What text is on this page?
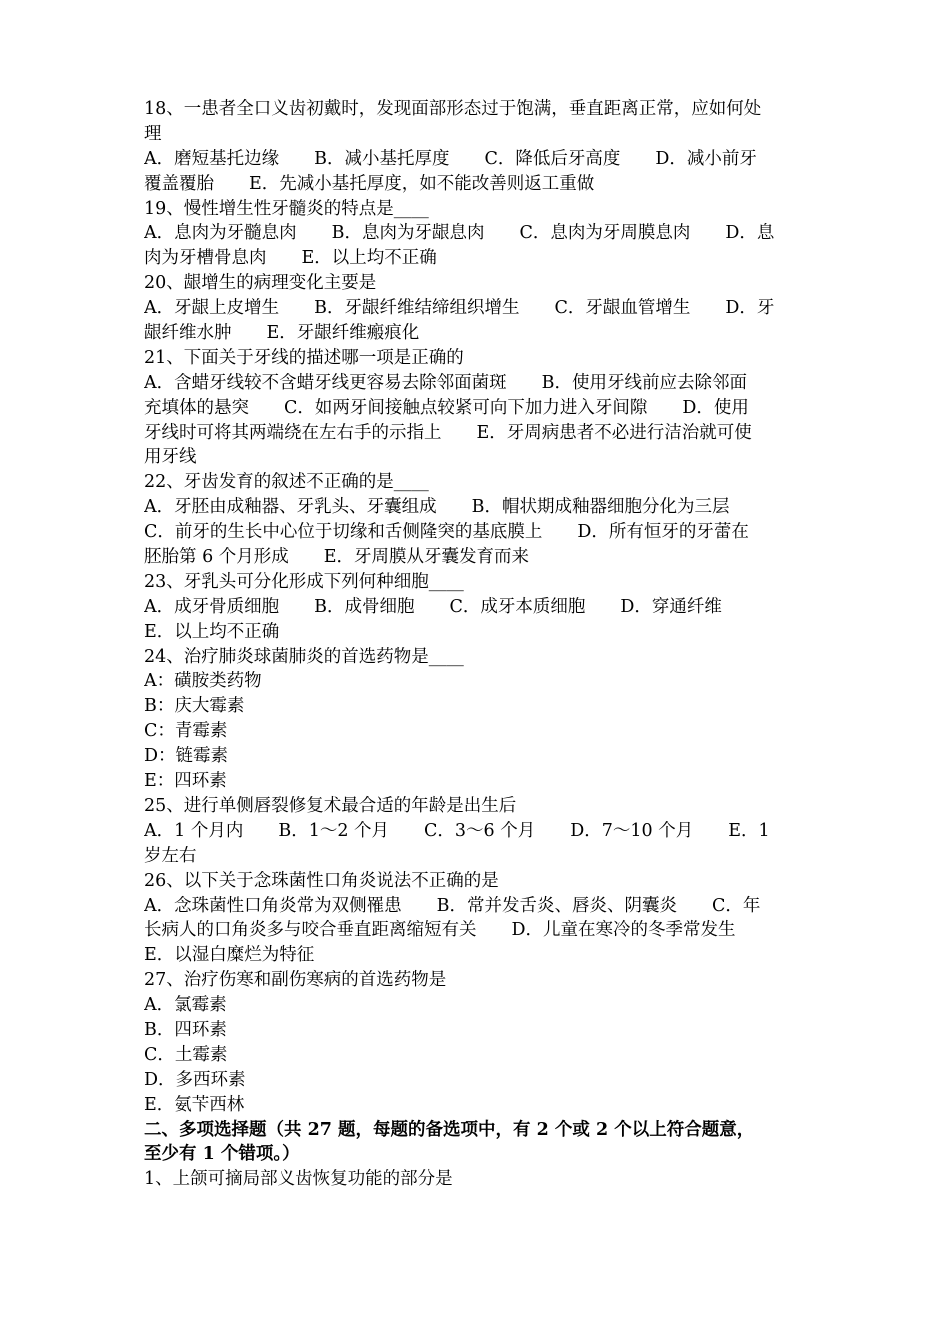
18、一患者全口义齿初戴时，发现面部形态过于饱满，垂直距离正常，应如何处
理
A．磨短基托边缘　　B．减小基托厚度　　C．降低后牙高度　　D．减小前牙
覆盖覆胎　　E．先减小基托厚度，如不能改善则返工重做
19、慢性增生性牙髓炎的特点是____
A．息肉为牙髓息肉　　B．息肉为牙龈息肉　　C．息肉为牙周膜息肉　　D．息
肉为牙槽骨息肉　　E．以上均不正确
20、龈增生的病理变化主要是
A．牙龈上皮增生　　B．牙龈纤维结缔组织增生　　C．牙龈血管增生　　D．牙
龈纤维水肿　　E．牙龈纤维瘢痕化
21、下面关于牙线的描述哪一项是正确的
A．含蜡牙线较不含蜡牙线更容易去除邻面菌斑　　B．使用牙线前应去除邻面
充填体的悬突　　C．如两牙间接触点较紧可向下加力进入牙间隙　　D．使用
牙线时可将其两端绕在左右手的示指上　　E．牙周病患者不必进行洁治就可使
用牙线
22、牙齿发育的叙述不正确的是____
A．牙胚由成釉器、牙乳头、牙囊组成　　B．帽状期成釉器细胞分化为三层
C．前牙的生长中心位于切缘和舌侧隆突的基底膜上　　D．所有恒牙的牙蕾在
胚胎第 6 个月形成　　E．牙周膜从牙囊发育而来
23、牙乳头可分化形成下列何种细胞____
A．成牙骨质细胞　　B．成骨细胞　　C．成牙本质细胞　　D．穿通纤维
E．以上均不正确
24、治疗肺炎球菌肺炎的首选药物是____
A：磺胺类药物
B：庆大霉素
C：青霉素
D：链霉素
E：四环素
25、进行单侧唇裂修复术最合适的年龄是出生后
A．1 个月内　　B．1～2 个月　　C．3～6 个月　　D．7～10 个月　　E．1
岁左右
26、以下关于念珠菌性口角炎说法不正确的是
A．念珠菌性口角炎常为双侧罹患　　B．常并发舌炎、唇炎、阴囊炎　　C．年
长病人的口角炎多与咬合垂直距离缩短有关　　D．儿童在寒冷的冬季常发生
E．以湿白糜烂为特征
27、治疗伤寒和副伤寒病的首选药物是
A．氯霉素
B．四环素
C．土霉素
D．多西环素
E．氨苄西林
二、多项选择题（共 27 题，每题的备选项中，有 2 个或 2 个以上符合题意，
至少有 1 个错项。）
1、上颌可摘局部义齿恢复功能的部分是
